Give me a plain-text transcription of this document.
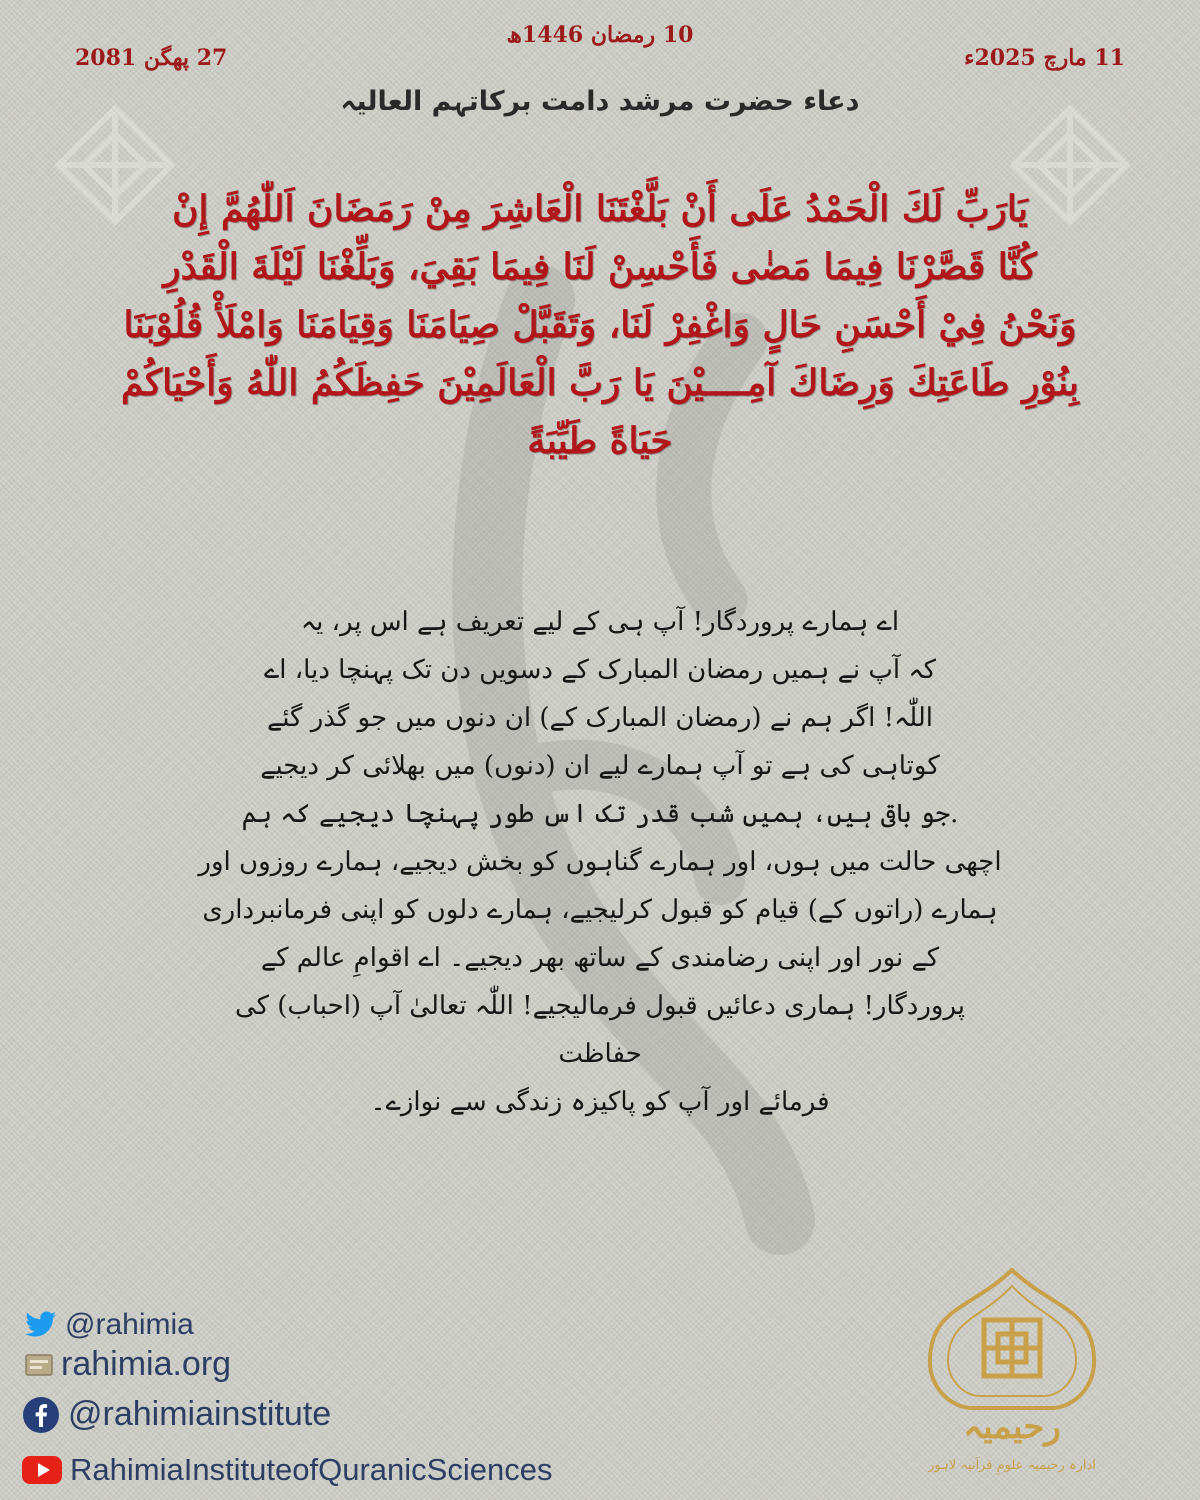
11 مارچ 2025ء
10 رمضان 1446ھ
27 پھگن 2081
دعاء حضرت مرشد دامت برکاتہم العالیہ
يَارَبِّ لَكَ الْحَمْدُ عَلَى أَنْ بَلَّغْتَنَا الْعَاشِرَ مِنْ رَمَضَانَ اَللّٰهُمَّ إِنْ
كُنَّا قَصَّرْنَا فِيمَا مَضٰى فَأَحْسِنْ لَنَا فِيمَا بَقِيَ، وَبَلِّغْنَا لَيْلَةَ الْقَدْرِ
وَنَحْنُ فِيْ أَحْسَنِ حَالٍ وَاغْفِرْ لَنَا، وَتَقَبَّلْ صِيَامَنَا وَقِيَامَنَا وَامْلَأْ قُلُوْبَنَا
بِنُوْرِ طَاعَتِكَ وَرِضَاكَ آمِــــيْنَ يَا رَبَّ الْعَالَمِيْنَ حَفِظَكُمُ اللّٰهُ وَأَحْيَاكُمْ
حَيَاةً طَيِّبَةً
اے ہمارے پروردگار! آپ ہی کے لیے تعریف ہے اس پر، یہ
کہ آپ نے ہمیں رمضان المبارک کے دسویں دن تک پہنچا دیا، اے
اللّٰہ! اگر ہم نے (رمضان المبارک کے) ان دنوں میں جو گذر گئے
کوتاہی کی ہے تو آپ ہمارے لیے ان (دنوں) میں بھلائی کر دیجیے
.جو باقی ہیں، ہمیں شب قدر تک اس طور پہنچا دیجیے کہ ہم
اچھی حالت میں ہوں، اور ہمارے گناہوں کو بخش دیجیے، ہمارے روزوں اور
ہمارے (راتوں کے) قیام کو قبول کرلیجیے، ہمارے دلوں کو اپنی فرمانبرداری
کے نور اور اپنی رضامندی کے ساتھ بھر دیجیے۔ اے اقوامِ عالم کے
پروردگار! ہماری دعائیں قبول فرمالیجیے! اللّٰہ تعالیٰ آپ (احباب) کی حفاظت
فرمائے اور آپ کو پاکیزہ زندگی سے نوازے۔
@rahimia
rahimia.org
@rahimiainstitute
RahimiaInstituteofQuranicSciences
رحیمیہ
ادارہ رحیمیہ علومِ قرآنیہ لاہور
